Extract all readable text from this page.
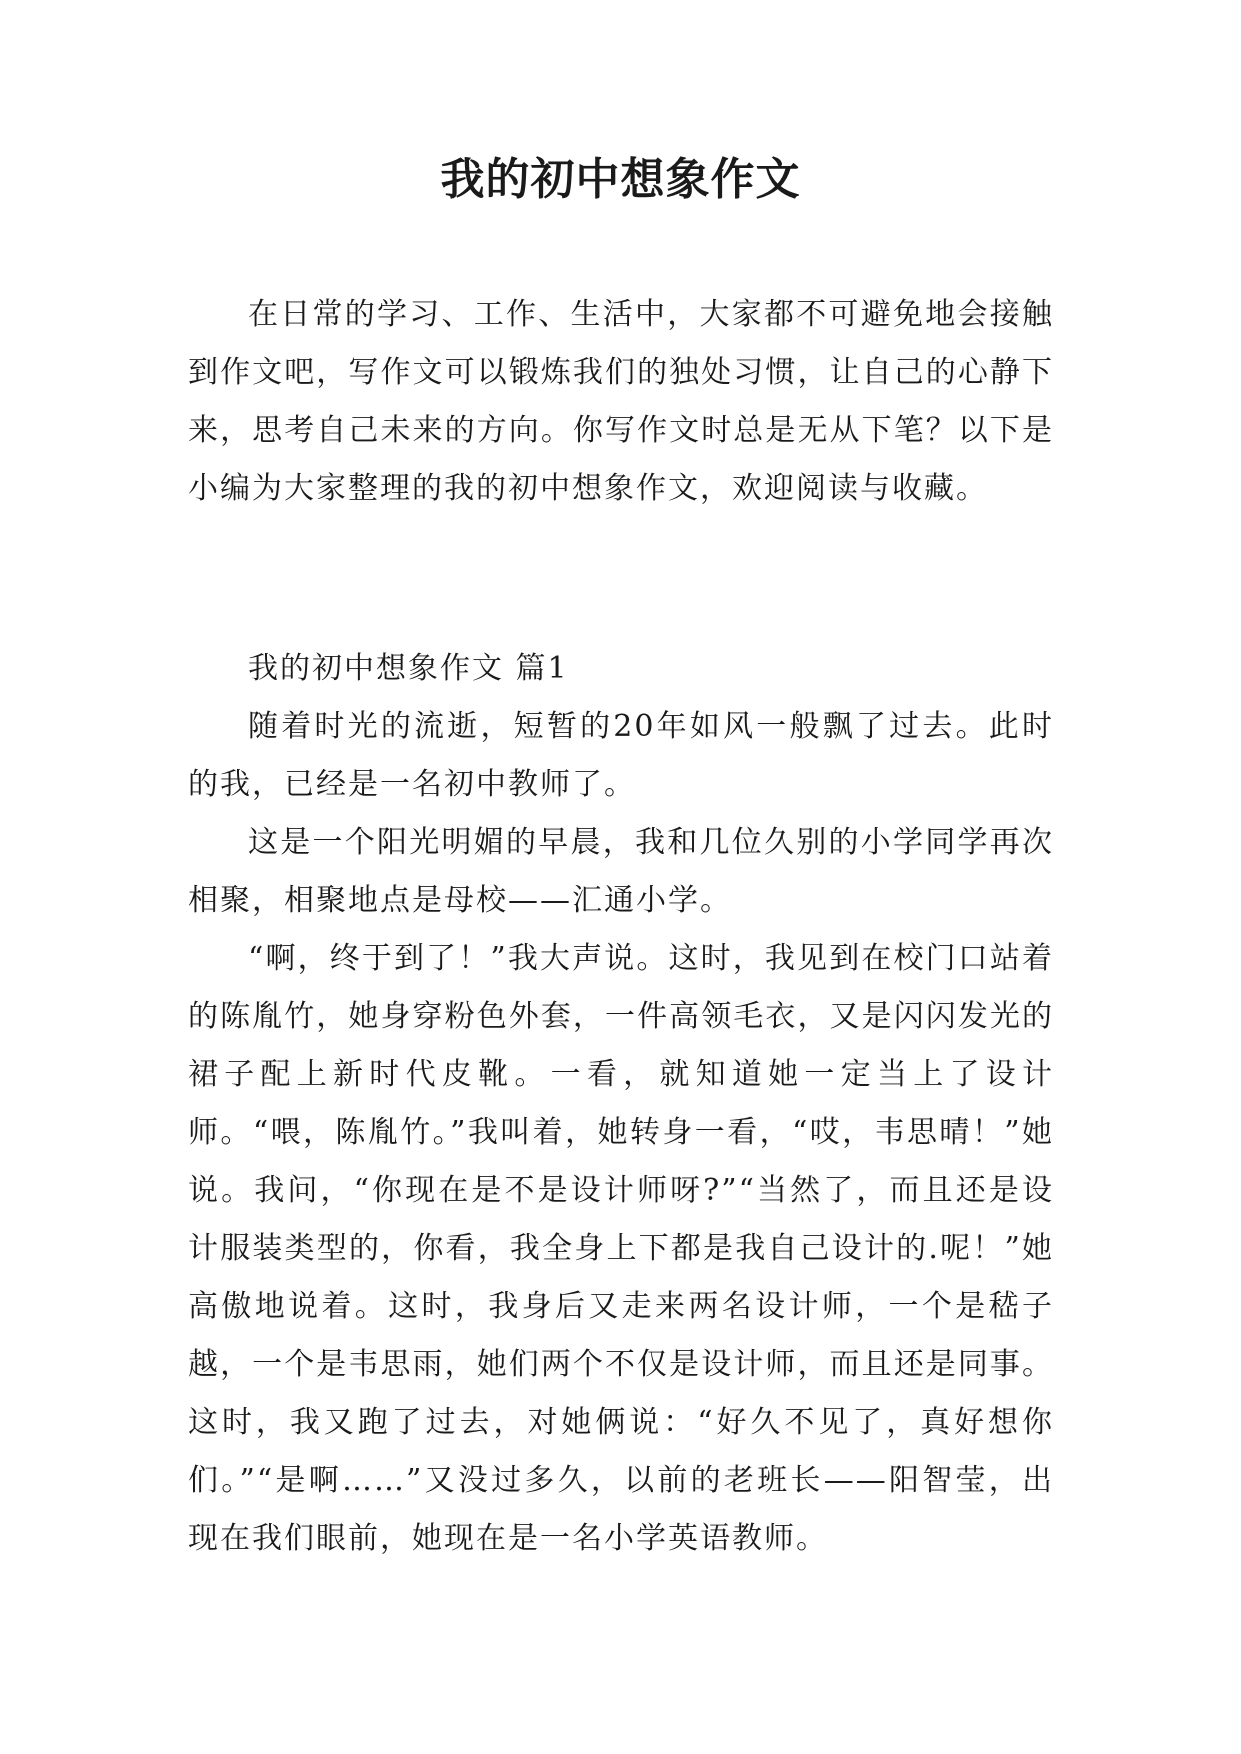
我的初中想象作文

在日常的学习、工作、生活中，大家都不可避免地会接触到作文吧，写作文可以锻炼我们的独处习惯，让自己的心静下来，思考自己未来的方向。你写作文时总是无从下笔？以下是小编为大家整理的我的初中想象作文，欢迎阅读与收藏。

我的初中想象作文 篇1

随着时光的流逝，短暂的20年如风一般飘了过去。此时的我，已经是一名初中教师了。

这是一个阳光明媚的早晨，我和几位久别的小学同学再次相聚，相聚地点是母校——汇通小学。

“啊，终于到了！”我大声说。这时，我见到在校门口站着的陈胤竹，她身穿粉色外套，一件高领毛衣，又是闪闪发光的裙子配上新时代皮靴。一看，就知道她一定当上了设计师。“喂，陈胤竹。”我叫着，她转身一看，“哎，韦思晴！”她说。我问，“你现在是不是设计师呀?”“当然了，而且还是设计服装类型的，你看，我全身上下都是我自己设计的.呢！”她高傲地说着。这时，我身后又走来两名设计师，一个是嵇子越，一个是韦思雨，她们两个不仅是设计师，而且还是同事。这时，我又跑了过去，对她俩说：“好久不见了，真好想你们。”“是啊……”又没过多久，以前的老班长——阳智莹，出现在我们眼前，她现在是一名小学英语教师。
